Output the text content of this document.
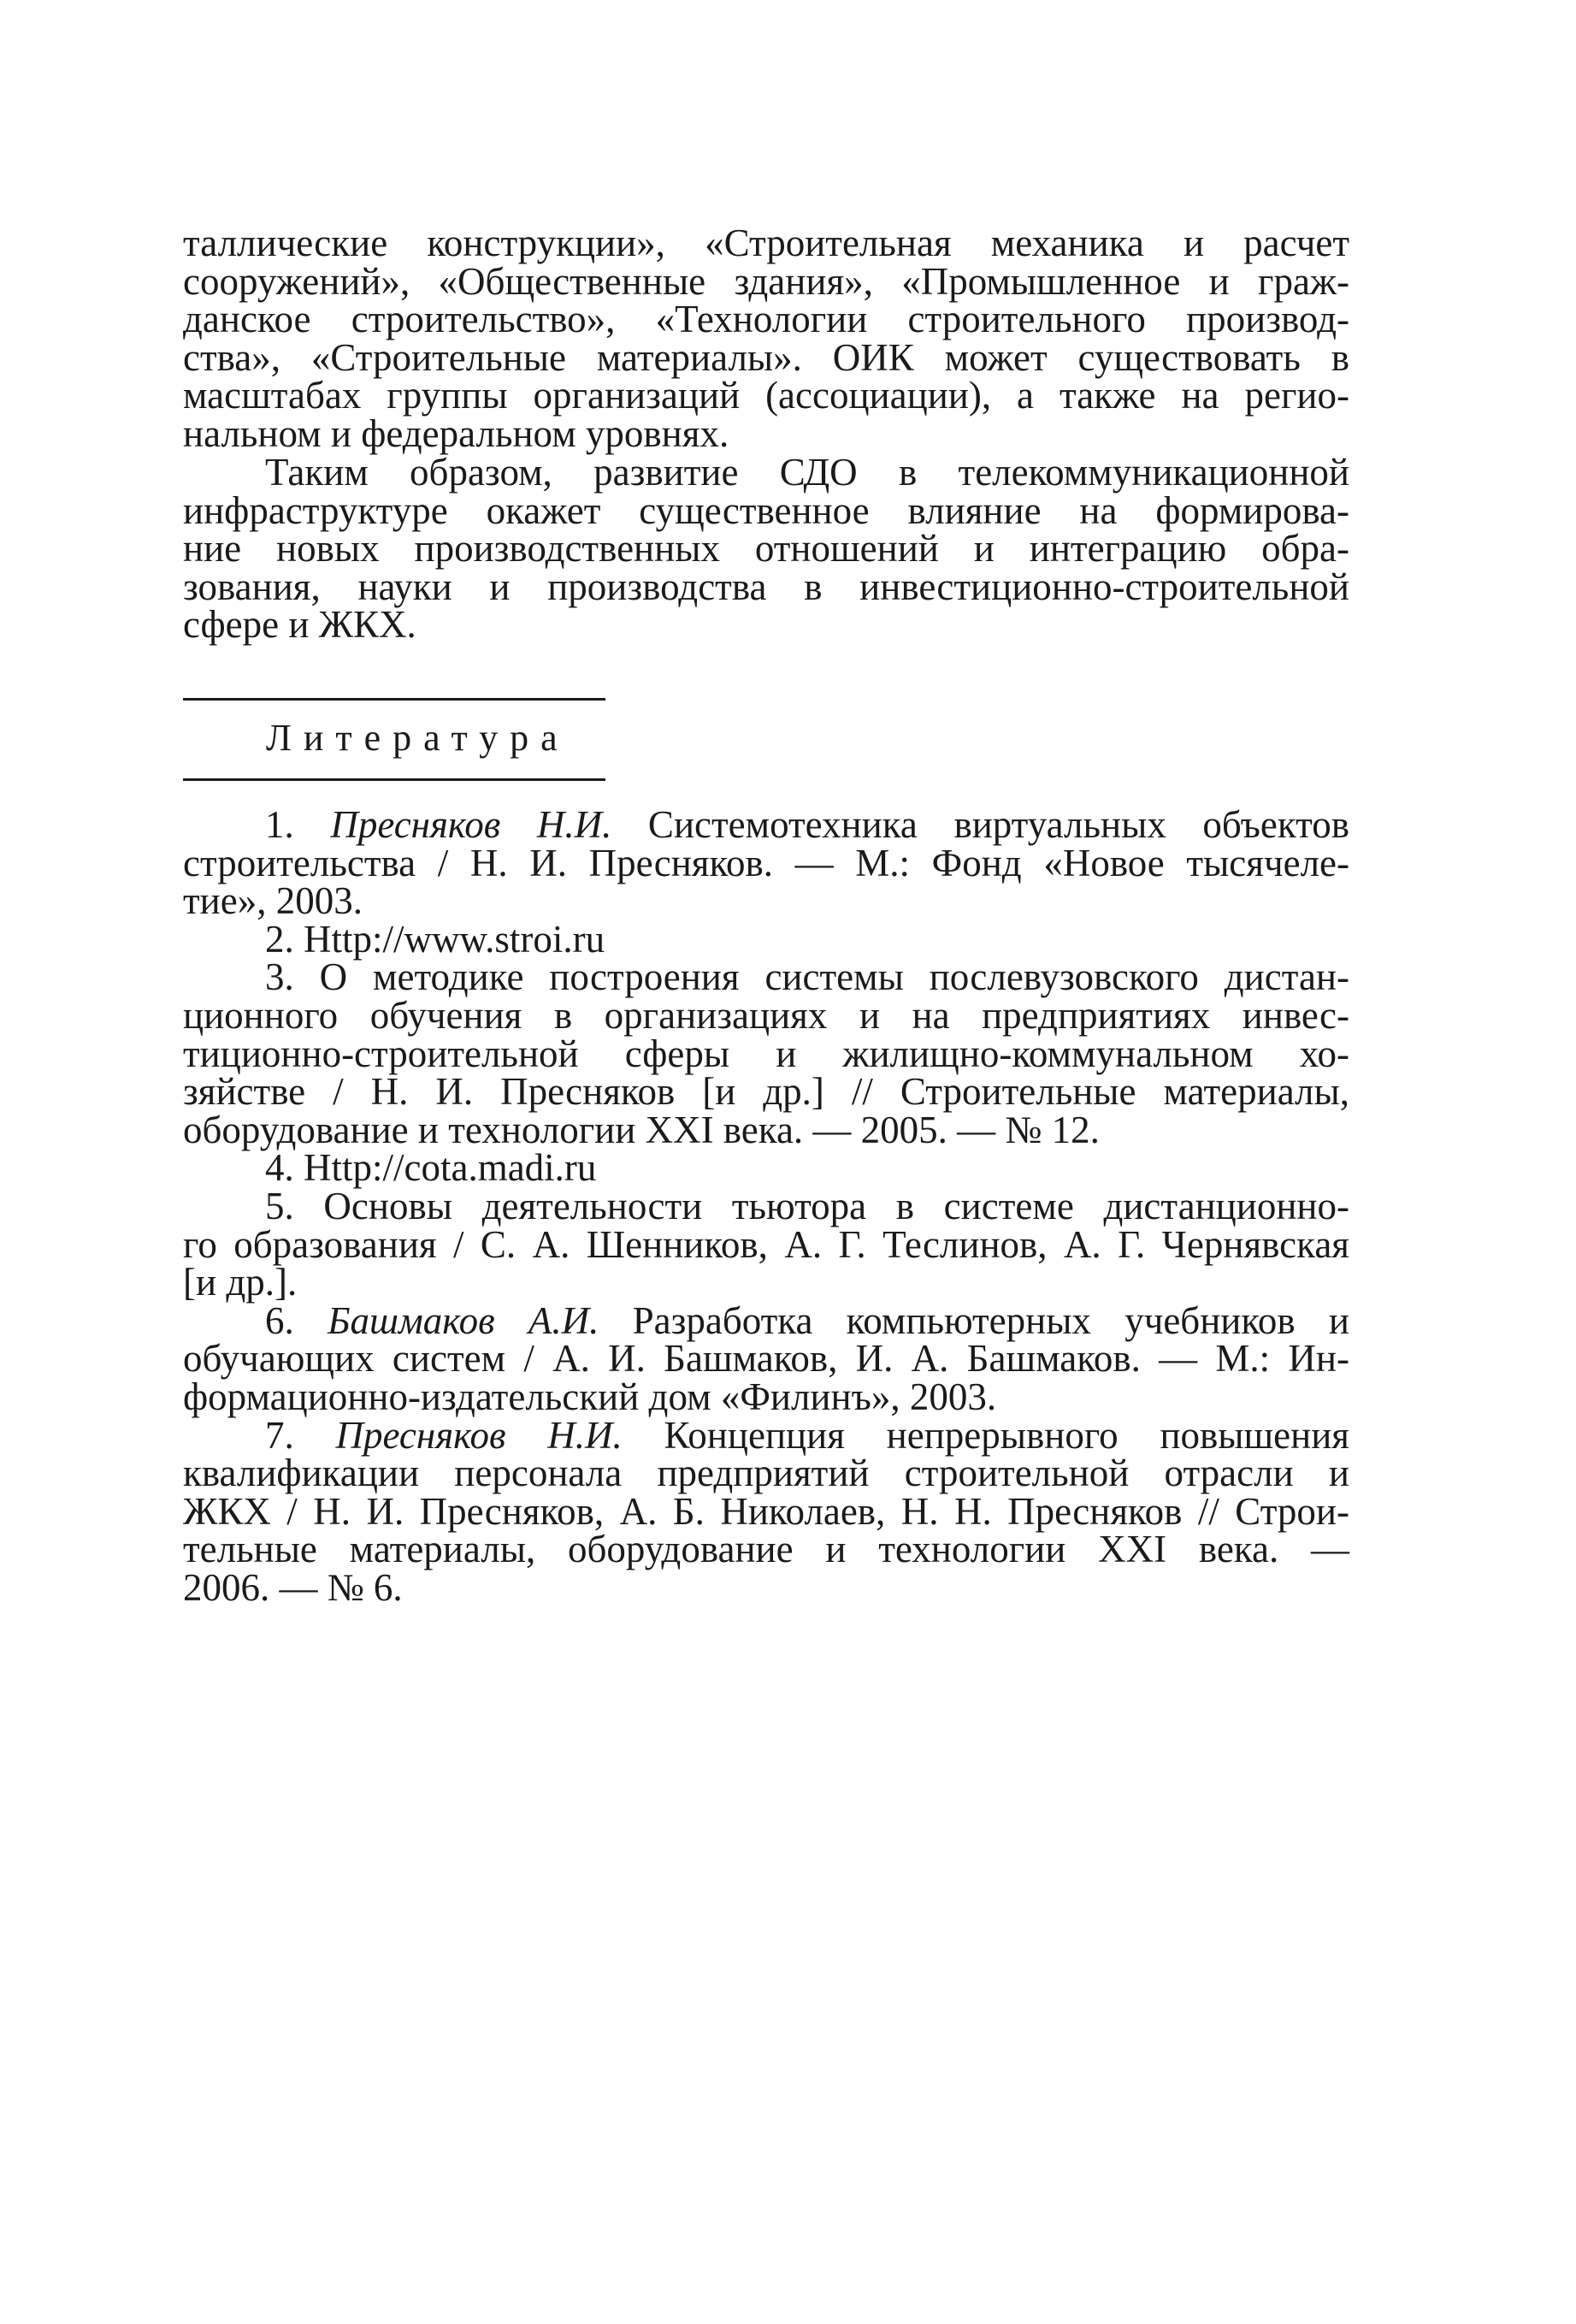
таллические конструкции», «Строительная механика и расчет
сооружений», «Общественные здания», «Промышленное и граж-
данское строительство», «Технологии строительного производ-
ства», «Строительные материалы». ОИК может существовать в
масштабах группы организаций (ассоциации), а также на регио-
нальном и федеральном уровнях.
Таким образом, развитие СДО в телекоммуникационной
инфраструктуре окажет существенное влияние на формирова-
ние новых производственных отношений и интеграцию обра-
зования, науки и производства в инвестиционно-строительной
сфере и ЖКХ.
Литература
1. Пресняков Н.И. Системотехника виртуальных объектов
строительства / Н. И. Пресняков. — М.: Фонд «Новое тысячеле-
тие», 2003.
2. Http://www.stroi.ru
3. О методике построения системы послевузовского дистан-
ционного обучения в организациях и на предприятиях инвес-
тиционно-строительной сферы и жилищно-коммунальном хо-
зяйстве / Н. И. Пресняков [и др.] // Строительные материалы,
оборудование и технологии XXI века. — 2005. — № 12.
4. Http://cota.madi.ru
5. Основы деятельности тьютора в системе дистанционно-
го образования / С. А. Шенников, А. Г. Теслинов, А. Г. Чернявская
[и др.].
6. Башмаков А.И. Разработка компьютерных учебников и
обучающих систем / А. И. Башмаков, И. А. Башмаков. — М.: Ин-
формационно-издательский дом «Филинъ», 2003.
7. Пресняков Н.И. Концепция непрерывного повышения
квалификации персонала предприятий строительной отрасли и
ЖКХ / Н. И. Пресняков, А. Б. Николаев, Н. Н. Пресняков // Строи-
тельные материалы, оборудование и технологии XXI века. —
2006. — № 6.
